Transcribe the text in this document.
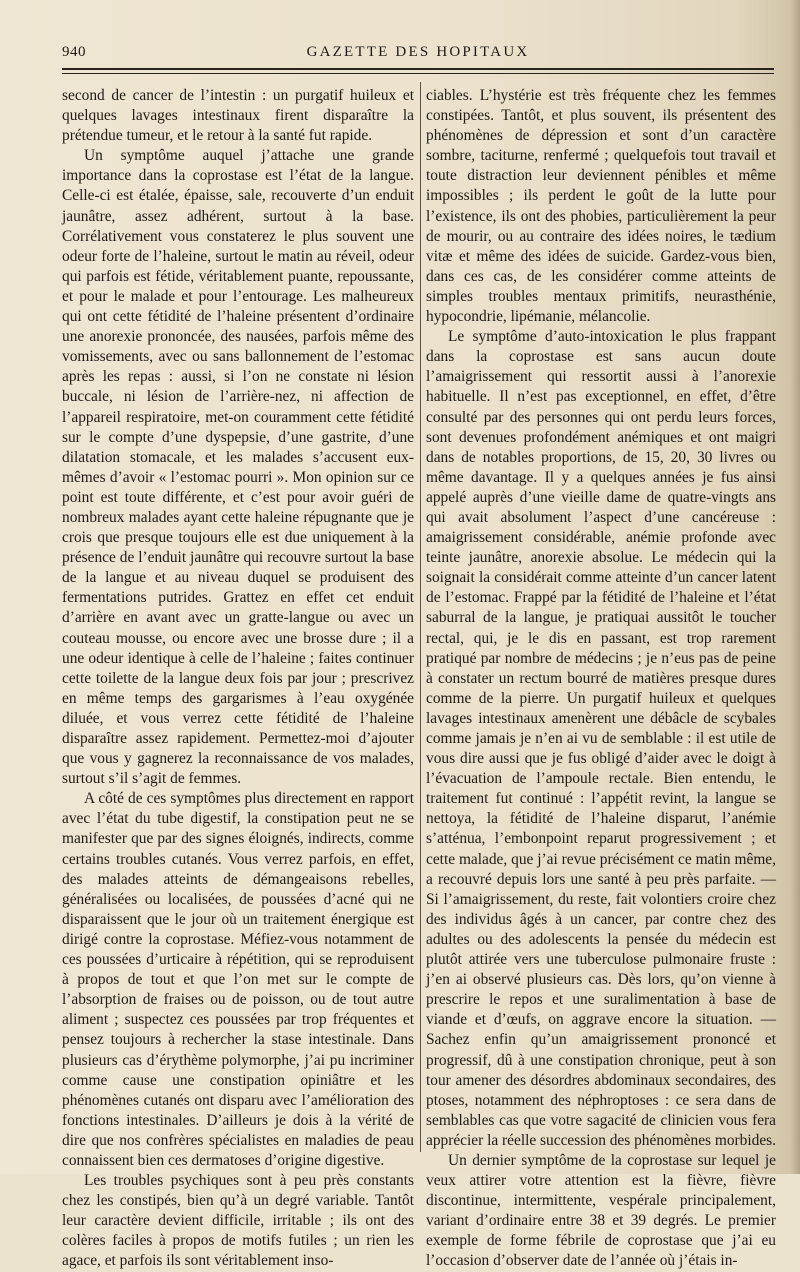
940	GAZETTE DES HOPITAUX

second de cancer de l’intestin : un purgatif huileux et quelques lavages intestinaux firent disparaître la prétendue tumeur, et le retour à la santé fut rapide.

Un symptôme auquel j’attache une grande importance dans la coprostase est l’état de la langue. Celle-ci est étalée, épaisse, sale, recouverte d’un enduit jaunâtre, assez adhérent, surtout à la base. Corrélativement vous constaterez le plus souvent une odeur forte de l’haleine, surtout le matin au réveil, odeur qui parfois est fétide, véritablement puante, repoussante, et pour le malade et pour l’entourage. Les malheureux qui ont cette fétidité de l’haleine présentent d’ordinaire une anorexie prononcée, des nausées, parfois même des vomissements, avec ou sans ballonnement de l’estomac après les repas : aussi, si l’on ne constate ni lésion buccale, ni lésion de l’arrière-nez, ni affection de l’appareil respiratoire, met-on couramment cette fétidité sur le compte d’une dyspepsie, d’une gastrite, d’une dilatation stomacale, et les malades s’accusent eux-mêmes d’avoir « l’estomac pourri ». Mon opinion sur ce point est toute différente, et c’est pour avoir guéri de nombreux malades ayant cette haleine répugnante que je crois que presque toujours elle est due uniquement à la présence de l’enduit jaunâtre qui recouvre surtout la base de la langue et au niveau duquel se produisent des fermentations putrides. Grattez en effet cet enduit d’arrière en avant avec un gratte-langue ou avec un couteau mousse, ou encore avec une brosse dure ; il a une odeur identique à celle de l’haleine ; faites continuer cette toilette de la langue deux fois par jour ; prescrivez en même temps des gargarismes à l’eau oxygénée diluée, et vous verrez cette fétidité de l’haleine disparaître assez rapidement. Permettez-moi d’ajouter que vous y gagnerez la reconnaissance de vos malades, surtout s’il s’agit de femmes.

A côté de ces symptômes plus directement en rapport avec l’état du tube digestif, la constipation peut ne se manifester que par des signes éloignés, indirects, comme certains troubles cutanés. Vous verrez parfois, en effet, des malades atteints de démangeaisons rebelles, généralisées ou localisées, de poussées d’acné qui ne disparaissent que le jour où un traitement énergique est dirigé contre la coprostase. Méfiez-vous notamment de ces poussées d’urticaire à répétition, qui se reproduisent à propos de tout et que l’on met sur le compte de l’absorption de fraises ou de poisson, ou de tout autre aliment ; suspectez ces poussées par trop fréquentes et pensez toujours à rechercher la stase intestinale. Dans plusieurs cas d’érythème polymorphe, j’ai pu incriminer comme cause une constipation opiniâtre et les phénomènes cutanés ont disparu avec l’amélioration des fonctions intestinales. D’ailleurs je dois à la vérité de dire que nos confrères spécialistes en maladies de peau connaissent bien ces dermatoses d’origine digestive.

Les troubles psychiques sont à peu près constants chez les constipés, bien qu’à un degré variable. Tantôt leur caractère devient difficile, irritable ; ils ont des colères faciles à propos de motifs futiles ; un rien les agace, et parfois ils sont véritablement inso-

ciables. L’hystérie est très fréquente chez les femmes constipées. Tantôt, et plus souvent, ils présentent des phénomènes de dépression et sont d’un caractère sombre, taciturne, renfermé ; quelquefois tout travail et toute distraction leur deviennent pénibles et même impossibles ; ils perdent le goût de la lutte pour l’existence, ils ont des phobies, particulièrement la peur de mourir, ou au contraire des idées noires, le tædium vitæ et même des idées de suicide. Gardez-vous bien, dans ces cas, de les considérer comme atteints de simples troubles mentaux primitifs, neurasthénie, hypocondrie, lipémanie, mélancolie.

Le symptôme d’auto-intoxication le plus frappant dans la coprostase est sans aucun doute l’amaigrissement qui ressortit aussi à l’anorexie habituelle. Il n’est pas exceptionnel, en effet, d’être consulté par des personnes qui ont perdu leurs forces, sont devenues profondément anémiques et ont maigri dans de notables proportions, de 15, 20, 30 livres ou même davantage. Il y a quelques années je fus ainsi appelé auprès d’une vieille dame de quatre-vingts ans qui avait absolument l’aspect d’une cancéreuse : amaigrissement considérable, anémie profonde avec teinte jaunâtre, anorexie absolue. Le médecin qui la soignait la considérait comme atteinte d’un cancer latent de l’estomac. Frappé par la fétidité de l’haleine et l’état saburral de la langue, je pratiquai aussitôt le toucher rectal, qui, je le dis en passant, est trop rarement pratiqué par nombre de médecins ; je n’eus pas de peine à constater un rectum bourré de matières presque dures comme de la pierre. Un purgatif huileux et quelques lavages intestinaux amenèrent une débâcle de scybales comme jamais je n’en ai vu de semblable : il est utile de vous dire aussi que je fus obligé d’aider avec le doigt à l’évacuation de l’ampoule rectale. Bien entendu, le traitement fut continué : l’appétit revint, la langue se nettoya, la fétidité de l’haleine disparut, l’anémie s’atténua, l’embonpoint reparut progressivement ; et cette malade, que j’ai revue précisément ce matin même, a recouvré depuis lors une santé à peu près parfaite. — Si l’amaigrissement, du reste, fait volontiers croire chez des individus âgés à un cancer, par contre chez des adultes ou des adolescents la pensée du médecin est plutôt attirée vers une tuberculose pulmonaire fruste : j’en ai observé plusieurs cas. Dès lors, qu’on vienne à prescrire le repos et une suralimentation à base de viande et d’œufs, on aggrave encore la situation. — Sachez enfin qu’un amaigrissement prononcé et progressif, dû à une constipation chronique, peut à son tour amener des désordres abdominaux secondaires, des ptoses, notamment des néphroptoses : ce sera dans de semblables cas que votre sagacité de clinicien vous fera apprécier la réelle succession des phénomènes morbides.

Un dernier symptôme de la coprostase sur lequel je veux attirer votre attention est la fièvre, fièvre discontinue, intermittente, vespérale principalement, variant d’ordinaire entre 38 et 39 degrés. Le premier exemple de forme fébrile de coprostase que j’ai eu l’occasion d’observer date de l’année où j’étais in-
